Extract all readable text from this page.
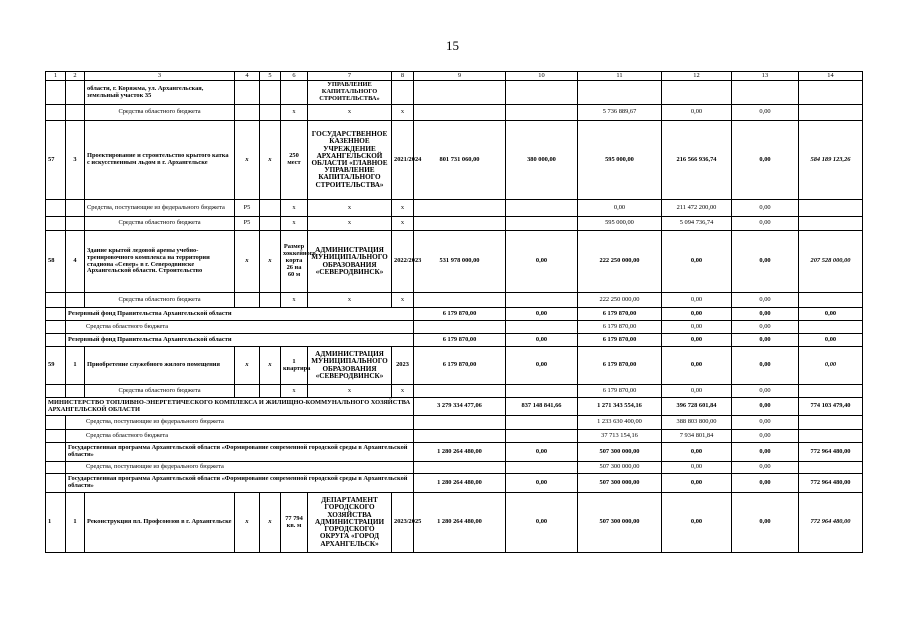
15
1	2	3	4	5	6	7	8	9	10	11	12	13	14
		области, г. Коряжма, ул. Архангельская, земельный участок 35				УПРАВЛЕНИЕ КАПИТАЛЬНОГО СТРОИТЕЛЬСТВА»							
		Средства областного бюджета			х	х	х			5 736 889,67	0,00	0,00	
57	3	Проектирование и строительство крытого катка с искусственным льдом в г. Архангельске	х	х	250 мест	ГОСУДАРСТВЕННОЕ КАЗЕННОЕ УЧРЕЖДЕНИЕ АРХАНГЕЛЬСКОЙ ОБЛАСТИ «ГЛАВНОЕ УПРАВЛЕНИЕ КАПИТАЛЬНОГО СТРОИТЕЛЬСТВА»	2021/2024	801 731 060,00	380 000,00	595 000,00	216 566 936,74	0,00	584 189 123,26
		Средства, поступающие из федерального бюджета	P5		х	х	х			0,00	211 472 200,00	0,00	
		Средства областного бюджета	P5		х	х	х			595 000,00	5 094 736,74	0,00	
58	4	Здание крытой ледовой арены учебно-тренировочного комплекса на территории стадиона «Север» в г. Северодвинске Архангельской области. Строительство	х	х	Размер хоккейного корта 26 на 60 м	АДМИНИСТРАЦИЯ МУНИЦИПАЛЬНОГО ОБРАЗОВАНИЯ «СЕВЕРОДВИНСК»	2022/2023	531 978 000,00	0,00	222 250 000,00	0,00	0,00	207 528 000,00
		Средства областного бюджета			х	х	х			222 250 000,00	0,00	0,00	
	Резервный фонд Правительства Архангельской области							6 179 870,00	0,00	6 179 870,00	0,00	0,00	0,00
	Средства областного бюджета									6 179 870,00	0,00	0,00	
	Резервный фонд Правительства Архангельской области							6 179 870,00	0,00	6 179 870,00	0,00	0,00	0,00
59	1	Приобретение служебного жилого помещения	х	х	1 квартира	АДМИНИСТРАЦИЯ МУНИЦИПАЛЬНОГО ОБРАЗОВАНИЯ «СЕВЕРОДВИНСК»	2023	6 179 870,00	0,00	6 179 870,00	0,00	0,00	0,00
		Средства областного бюджета			х	х	х			6 179 870,00	0,00	0,00	
МИНИСТЕРСТВО ТОПЛИВНО-ЭНЕРГЕТИЧЕСКОГО КОМПЛЕКСА И ЖИЛИЩНО-КОММУНАЛЬНОГО ХОЗЯЙСТВА АРХАНГЕЛЬСКОЙ ОБЛАСТИ								3 279 334 477,06	837 148 841,66	1 271 343 554,16	396 728 601,84	0,00	774 103 479,40
	Средства, поступающие из федерального бюджета									1 233 630 400,00	388 803 800,00	0,00	
	Средства областного бюджета									37 713 154,16	7 934 801,84	0,00	
	Государственная программа Архангельской области «Формирование современной городской среды в Архангельской области»							1 280 264 480,00	0,00	507 300 000,00	0,00	0,00	772 964 480,00
	Средства, поступающие из федерального бюджета									507 300 000,00	0,00	0,00	
	Государственная программа Архангельской области «Формирование современной городской среды в Архангельской области»							1 280 264 480,00	0,00	507 300 000,00	0,00	0,00	772 964 480,00
1	1	Реконструкция пл. Профсоюзов в г. Архангельске	х	х	77 794 кв. м	ДЕПАРТАМЕНТ ГОРОДСКОГО ХОЗЯЙСТВА АДМИНИСТРАЦИИ ГОРОДСКОГО ОКРУГА «ГОРОД АРХАНГЕЛЬСК»	2023/2025	1 280 264 480,00	0,00	507 300 000,00	0,00	0,00	772 964 480,00
